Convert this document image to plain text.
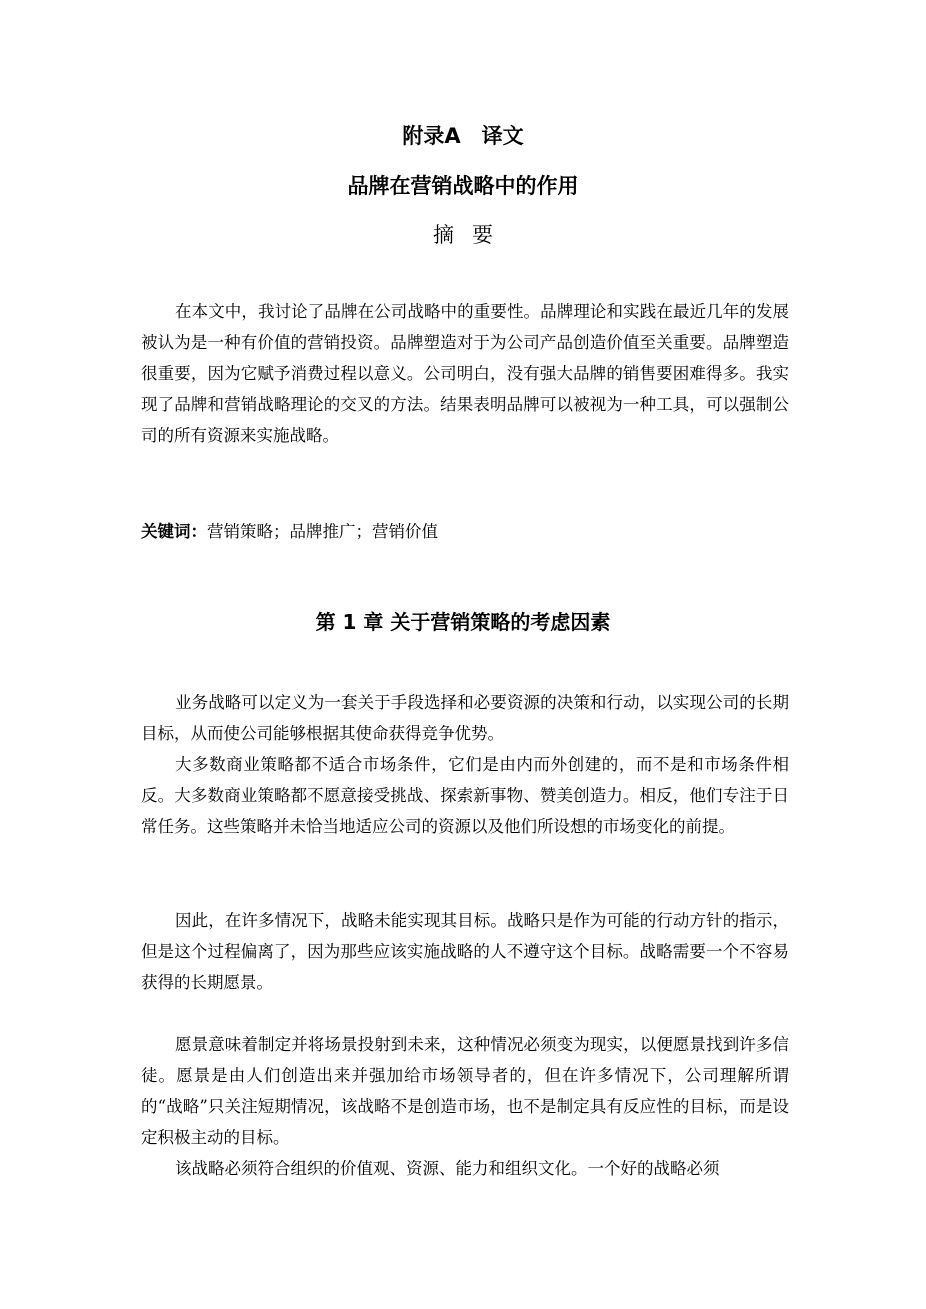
附录A　译文
品牌在营销战略中的作用
摘要
在本文中，我讨论了品牌在公司战略中的重要性。品牌理论和实践在最近几年的发展被认为是一种有价值的营销投资。品牌塑造对于为公司产品创造价值至关重要。品牌塑造很重要，因为它赋予消费过程以意义。公司明白，没有强大品牌的销售要困难得多。我实现了品牌和营销战略理论的交叉的方法。结果表明品牌可以被视为一种工具，可以强制公司的所有资源来实施战略。
关键词：营销策略；品牌推广；营销价值
第 1 章 关于营销策略的考虑因素
业务战略可以定义为一套关于手段选择和必要资源的决策和行动，以实现公司的长期目标，从而使公司能够根据其使命获得竞争优势。
大多数商业策略都不适合市场条件，它们是由内而外创建的，而不是和市场条件相反。大多数商业策略都不愿意接受挑战、探索新事物、赞美创造力。相反，他们专注于日常任务。这些策略并未恰当地适应公司的资源以及他们所设想的市场变化的前提。
因此，在许多情况下，战略未能实现其目标。战略只是作为可能的行动方针的指示，但是这个过程偏离了，因为那些应该实施战略的人不遵守这个目标。战略需要一个不容易获得的长期愿景。
愿景意味着制定并将场景投射到未来，这种情况必须变为现实，以便愿景找到许多信徒。愿景是由人们创造出来并强加给市场领导者的，但在许多情况下，公司理解所谓的“战略”只关注短期情况，该战略不是创造市场，也不是制定具有反应性的目标，而是设定积极主动的目标。
该战略必须符合组织的价值观、资源、能力和组织文化。一个好的战略必须
